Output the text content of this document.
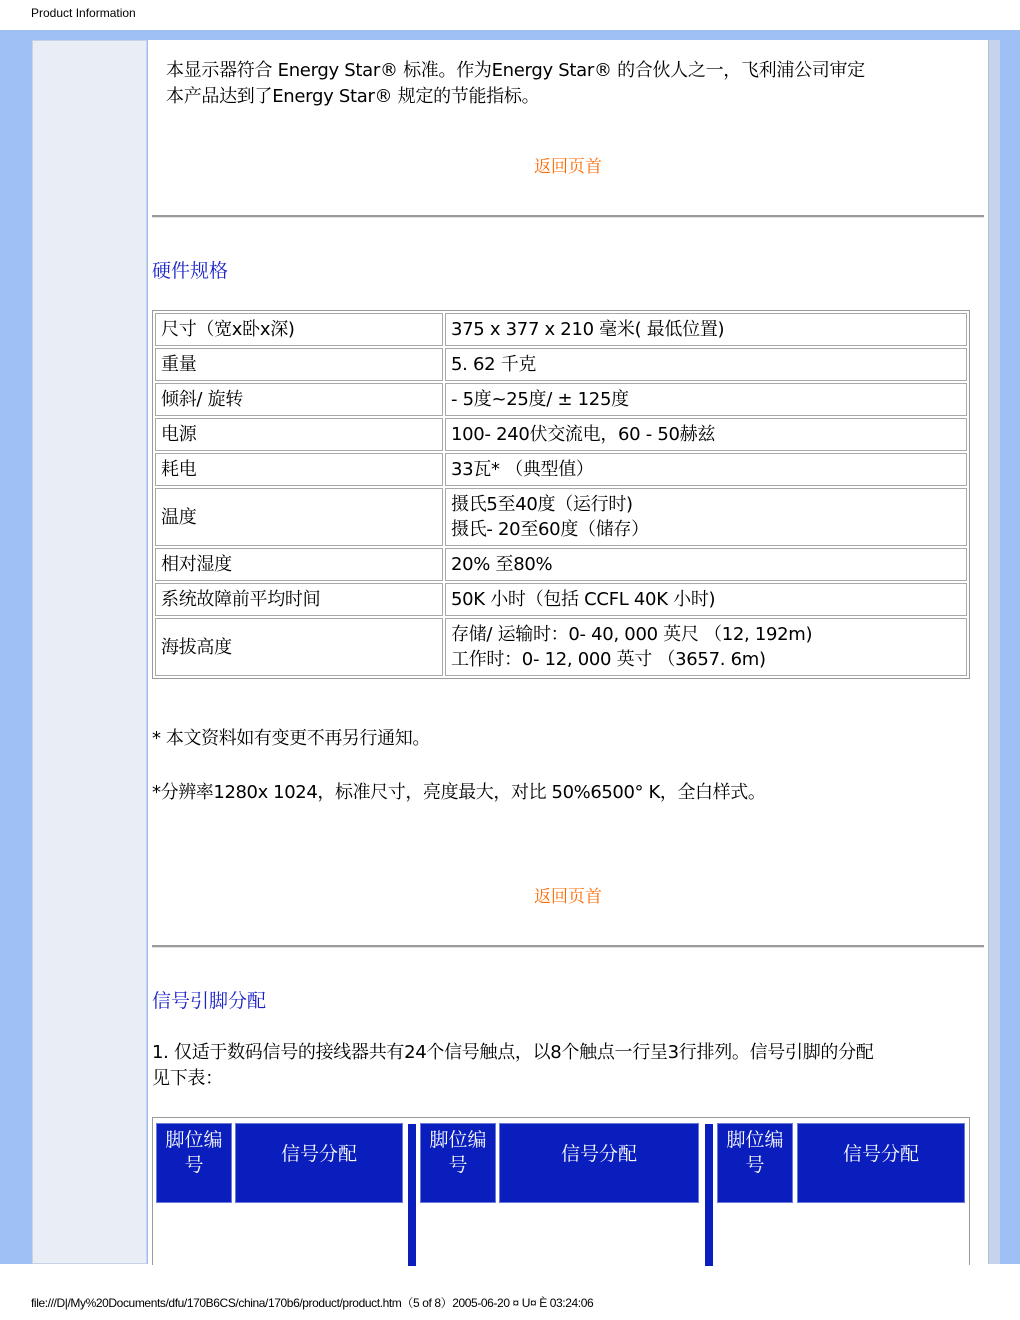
Product Information
本显示器符合 Energy Star® 标准。作为Energy Star® 的合伙人之一，飞利浦公司审定
本产品达到了Energy Star® 规定的节能指标。
返回页首
硬件规格
尺寸（宽x卧x深)	375 x 377 x 210 毫米( 最低位置)

重量	5. 62 千克

倾斜/ 旋转	- 5度~25度/ ± 125度

电源	100- 240伏交流电，60 - 50赫兹

耗电	33瓦* （典型值）

温度	摄氏5至40度（运行时)
摄氏- 20至60度（储存）

相对湿度	20% 至80%

系统故障前平均时间	50K 小时（包括 CCFL 40K 小时)

海拔高度	存储/ 运输时：0- 40, 000 英尺 （12, 192m)
工作时：0- 12, 000 英寸 （3657. 6m)
* 本文资料如有变更不再另行通知。
*分辨率1280x 1024，标准尺寸，亮度最大，对比 50%6500° K，全白样式。
返回页首
信号引脚分配
1. 仅适于数码信号的接线器共有24个信号触点，以8个触点一行呈3行排列。信号引脚的分配
见下表：
脚位编
号	信号分配
脚位编
号	信号分配
脚位编
号	信号分配
file:///D|/My%20Documents/dfu/170B6CS/china/170b6/product/product.htm（5 of 8）2005-06-20 ¤ U¤ È 03:24:06
